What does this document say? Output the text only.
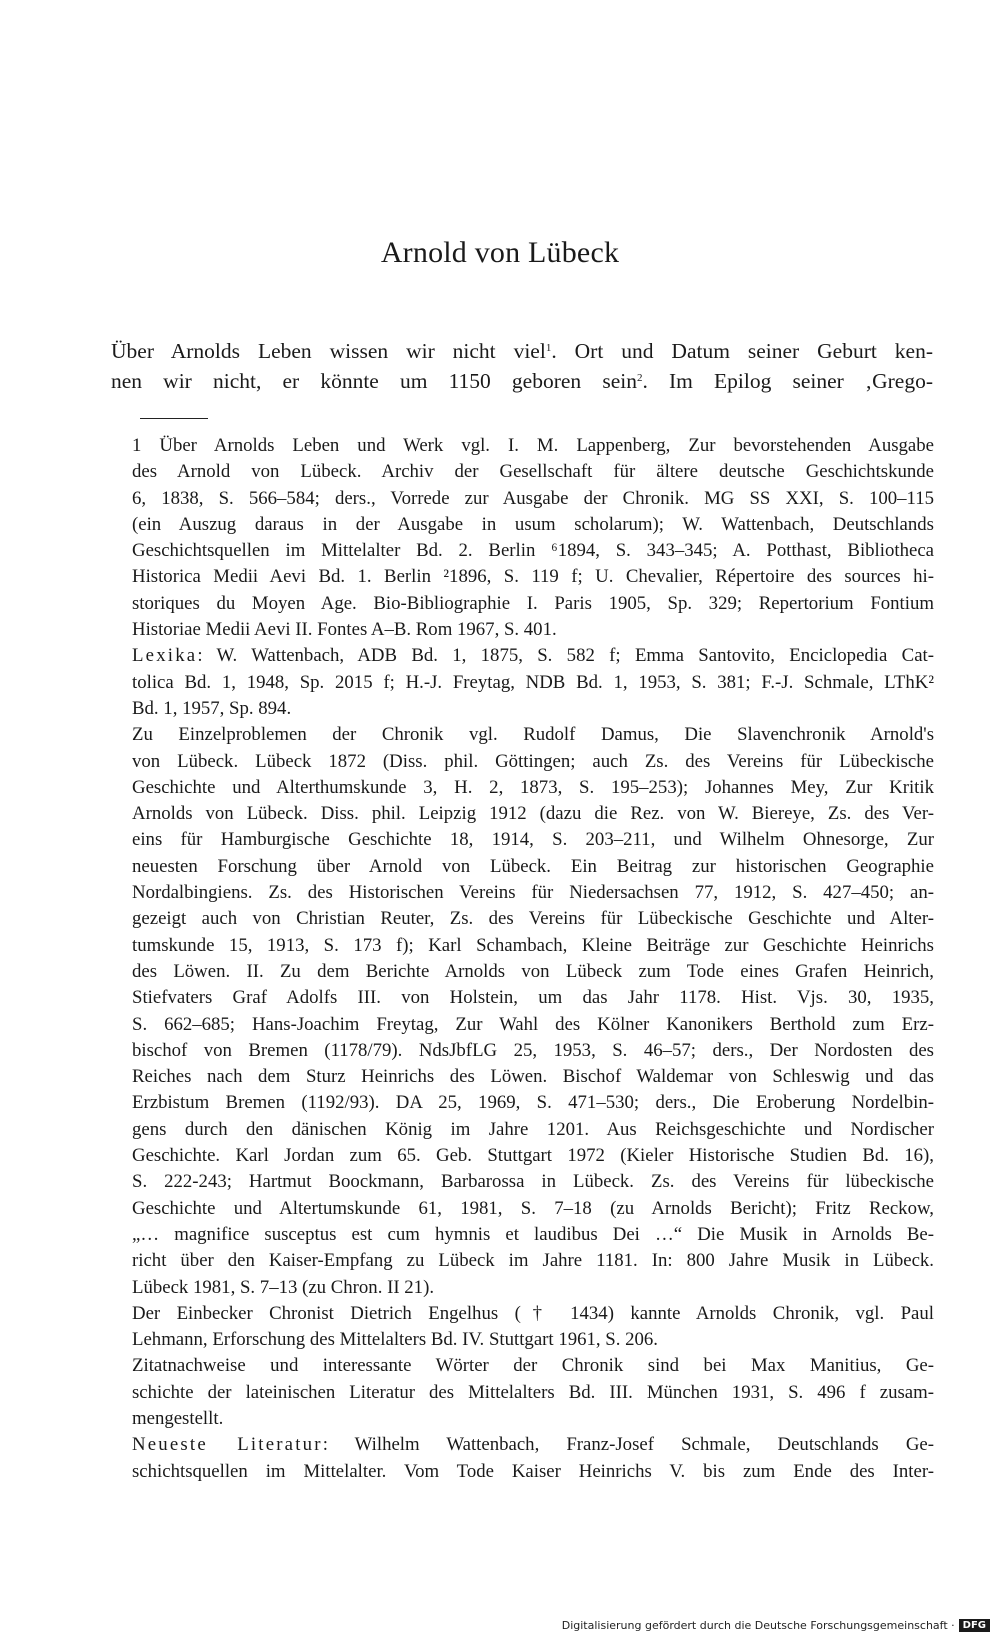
Arnold von Lübeck
Über Arnolds Leben wissen wir nicht viel$^1$. Ort und Datum seiner Geburt ken-
nen wir nicht, er könnte um 1150 geboren sein$^2$. Im Epilog seiner ‚Grego-

1 Über Arnolds Leben und Werk vgl. I. M. Lappenberg, Zur bevorstehenden Ausgabe
des Arnold von Lübeck. Archiv der Gesellschaft für ältere deutsche Geschichtskunde
6, 1838, S. 566–584; ders., Vorrede zur Ausgabe der Chronik. MG SS XXI, S. 100–115
(ein Auszug daraus in der Ausgabe in usum scholarum); W. Wattenbach, Deutschlands
Geschichtsquellen im Mittelalter Bd. 2. Berlin ⁶1894, S. 343–345; A. Potthast, Bibliotheca
Historica Medii Aevi Bd. 1. Berlin ²1896, S. 119 f; U. Chevalier, Répertoire des sources hi-
storiques du Moyen Age. Bio-Bibliographie I. Paris 1905, Sp. 329; Repertorium Fontium
Historiae Medii Aevi II. Fontes A–B. Rom 1967, S. 401.

Lexika: W. Wattenbach, ADB Bd. 1, 1875, S. 582 f; Emma Santovito, Enciclopedia Cat-
tolica Bd. 1, 1948, Sp. 2015 f; H.-J. Freytag, NDB Bd. 1, 1953, S. 381; F.-J. Schmale, LThK²
Bd. 1, 1957, Sp. 894.

Zu Einzelproblemen der Chronik vgl. Rudolf Damus, Die Slavenchronik Arnold's
von Lübeck. Lübeck 1872 (Diss. phil. Göttingen; auch Zs. des Vereins für Lübeckische
Geschichte und Alterthumskunde 3, H. 2, 1873, S. 195–253); Johannes Mey, Zur Kritik
Arnolds von Lübeck. Diss. phil. Leipzig 1912 (dazu die Rez. von W. Biereye, Zs. des Ver-
eins für Hamburgische Geschichte 18, 1914, S. 203–211, und Wilhelm Ohnesorge, Zur
neuesten Forschung über Arnold von Lübeck. Ein Beitrag zur historischen Geographie
Nordalbingiens. Zs. des Historischen Vereins für Niedersachsen 77, 1912, S. 427–450; an-
gezeigt auch von Christian Reuter, Zs. des Vereins für Lübeckische Geschichte und Alter-
tumskunde 15, 1913, S. 173 f); Karl Schambach, Kleine Beiträge zur Geschichte Heinrichs
des Löwen. II. Zu dem Berichte Arnolds von Lübeck zum Tode eines Grafen Heinrich,
Stiefvaters Graf Adolfs III. von Holstein, um das Jahr 1178. Hist. Vjs. 30, 1935,
S. 662–685; Hans-Joachim Freytag, Zur Wahl des Kölner Kanonikers Berthold zum Erz-
bischof von Bremen (1178/79). NdsJbfLG 25, 1953, S. 46–57; ders., Der Nordosten des
Reiches nach dem Sturz Heinrichs des Löwen. Bischof Waldemar von Schleswig und das
Erzbistum Bremen (1192/93). DA 25, 1969, S. 471–530; ders., Die Eroberung Nordelbin-
gens durch den dänischen König im Jahre 1201. Aus Reichsgeschichte und Nordischer
Geschichte. Karl Jordan zum 65. Geb. Stuttgart 1972 (Kieler Historische Studien Bd. 16),
S. 222-243; Hartmut Boockmann, Barbarossa in Lübeck. Zs. des Vereins für lübeckische
Geschichte und Altertumskunde 61, 1981, S. 7–18 (zu Arnolds Bericht); Fritz Reckow,
„… magnifice susceptus est cum hymnis et laudibus Dei …“ Die Musik in Arnolds Be-
richt über den Kaiser-Empfang zu Lübeck im Jahre 1181. In: 800 Jahre Musik in Lübeck.
Lübeck 1981, S. 7–13 (zu Chron. II 21).

Der Einbecker Chronist Dietrich Engelhus († 1434) kannte Arnolds Chronik, vgl. Paul
Lehmann, Erforschung des Mittelalters Bd. IV. Stuttgart 1961, S. 206.

Zitatnachweise und interessante Wörter der Chronik sind bei Max Manitius, Ge-
schichte der lateinischen Literatur des Mittelalters Bd. III. München 1931, S. 496 f zusam-
mengestellt.

Neueste Literatur: Wilhelm Wattenbach, Franz-Josef Schmale, Deutschlands Ge-
schichtsquellen im Mittelalter. Vom Tode Kaiser Heinrichs V. bis zum Ende des Inter-

Digitalisierung gefördert durch die Deutsche Forschungsgemeinschaft · DFG
